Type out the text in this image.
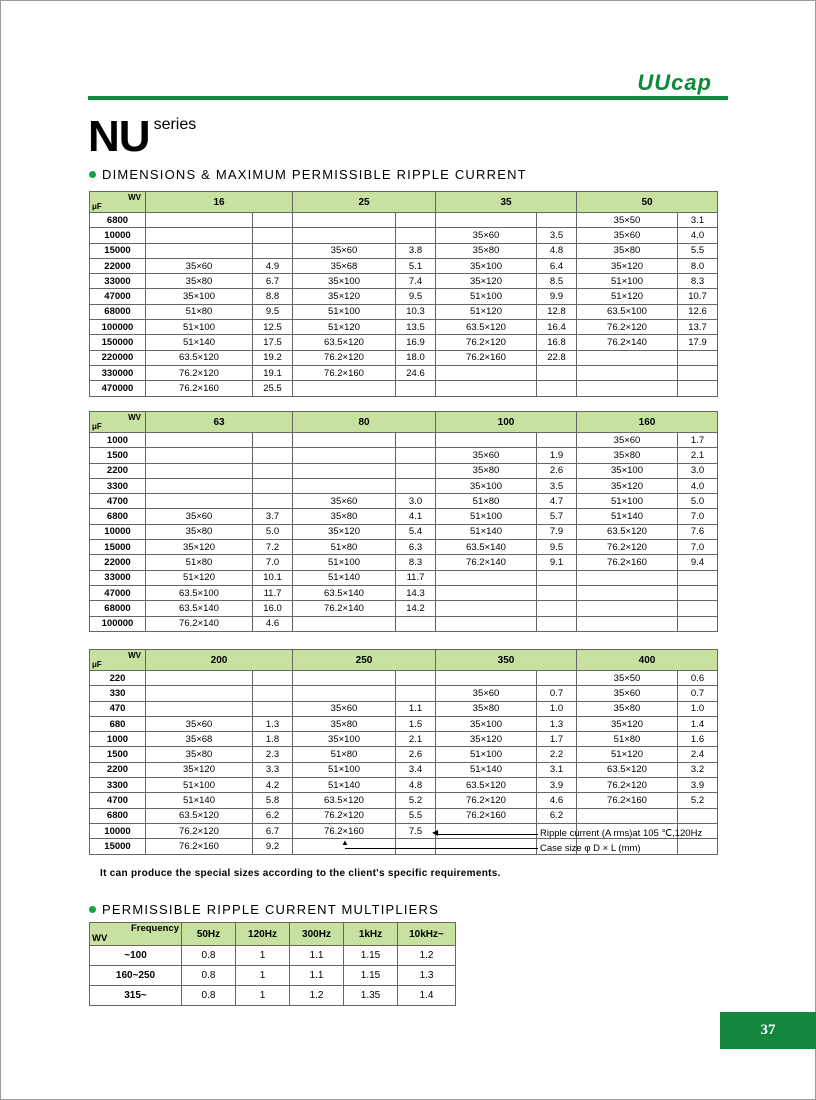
UUcap
NU series
DIMENSIONS & MAXIMUM PERMISSIBLE RIPPLE CURRENT
WV
μF	16		25		35		50	
6800							35×50	3.1
10000					35×60	3.5	35×60	4.0
15000			35×60	3.8	35×80	4.8	35×80	5.5
22000	35×60	4.9	35×68	5.1	35×100	6.4	35×120	8.0
33000	35×80	6.7	35×100	7.4	35×120	8.5	51×100	8.3
47000	35×100	8.8	35×120	9.5	51×100	9.9	51×120	10.7
68000	51×80	9.5	51×100	10.3	51×120	12.8	63.5×100	12.6
100000	51×100	12.5	51×120	13.5	63.5×120	16.4	76.2×120	13.7
150000	51×140	17.5	63.5×120	16.9	76.2×120	16.8	76.2×140	17.9
220000	63.5×120	19.2	76.2×120	18.0	76.2×160	22.8		
330000	76.2×120	19.1	76.2×160	24.6				
470000	76.2×160	25.5						
WV
μF	63		80		100		160	
1000							35×60	1.7
1500					35×60	1.9	35×80	2.1
2200					35×80	2.6	35×100	3.0
3300					35×100	3.5	35×120	4.0
4700			35×60	3.0	51×80	4.7	51×100	5.0
6800	35×60	3.7	35×80	4.1	51×100	5.7	51×140	7.0
10000	35×80	5.0	35×120	5.4	51×140	7.9	63.5×120	7.6
15000	35×120	7.2	51×80	6.3	63.5×140	9.5	76.2×120	7.0
22000	51×80	7.0	51×100	8.3	76.2×140	9.1	76.2×160	9.4
33000	51×120	10.1	51×140	11.7				
47000	63.5×100	11.7	63.5×140	14.3				
68000	63.5×140	16.0	76.2×140	14.2				
100000	76.2×140	4.6						
WV
μF	200		250		350		400	
220							35×50	0.6
330					35×60	0.7	35×60	0.7
470			35×60	1.1	35×80	1.0	35×80	1.0
680	35×60	1.3	35×80	1.5	35×100	1.3	35×120	1.4
1000	35×68	1.8	35×100	2.1	35×120	1.7	51×80	1.6
1500	35×80	2.3	51×80	2.6	51×100	2.2	51×120	2.4
2200	35×120	3.3	51×100	3.4	51×140	3.1	63.5×120	3.2
3300	51×100	4.2	51×140	4.8	63.5×120	3.9	76.2×120	3.9
4700	51×140	5.8	63.5×120	5.2	76.2×120	4.6	76.2×160	5.2
6800	63.5×120	6.2	76.2×120	5.5	76.2×160	6.2		
10000	76.2×120	6.7	76.2×160	7.5				
15000	76.2×160	9.2						
◀	Ripple current (A rms)at 105 ℃,120Hz
▲
Case size φ D × L (mm)
It can produce the special sizes according to the client's specific requirements.
PERMISSIBLE RIPPLE CURRENT MULTIPLIERS
Frequency
WV	50Hz	120Hz	300Hz	1kHz	10kHz~
~100	0.8	1	1.1	1.15	1.2
160~250	0.8	1	1.1	1.15	1.3
315~	0.8	1	1.2	1.35	1.4
37
